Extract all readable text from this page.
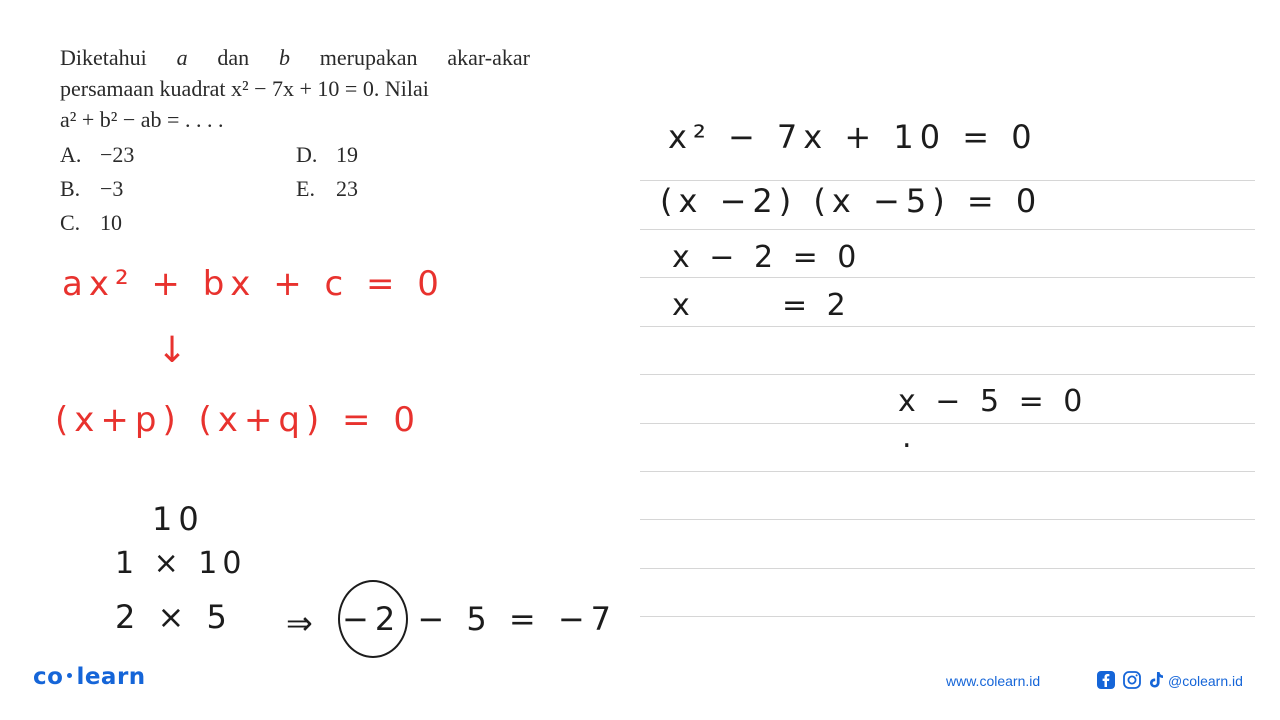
Diketahui a dan b merupakan akar-akar
persamaan kuadrat x² − 7x + 10 = 0. Nilai
a² + b² − ab = . . . .
A. −23
B. −3
C. 10
D. 19
E. 23
ax² + bx + c = 0
↓
(x+p) (x+q) = 0
10
1 × 10
2 × 5 ⇒ −2 − 5 = −7
x² − 7x + 10 = 0
(x −2) (x −5) = 0
x − 2 = 0
x      = 2
x − 5 = 0
.
co learn	www.colearn.id	@colearn.id
